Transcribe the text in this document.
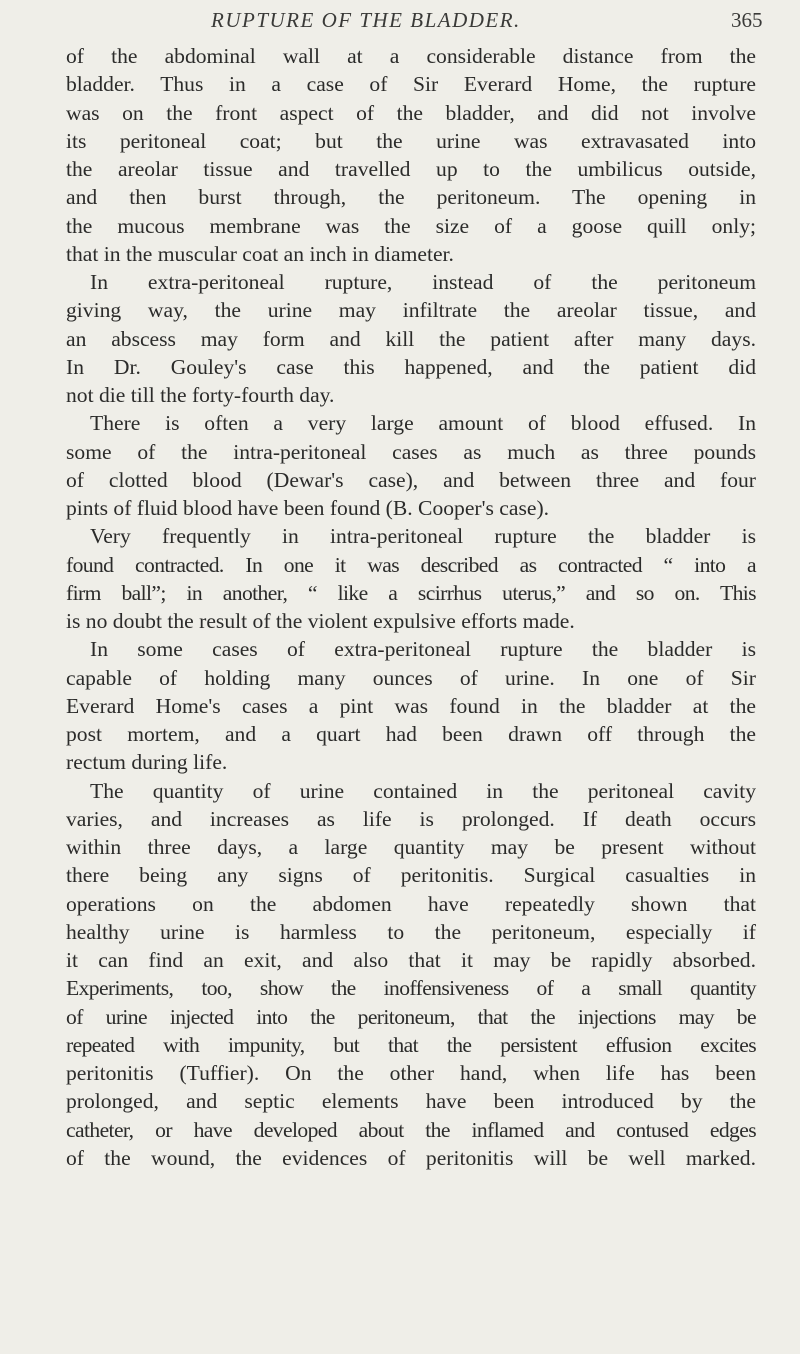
RUPTURE OF THE BLADDER.	365
of the abdominal wall at a considerable distance from the
bladder. Thus in a case of Sir Everard Home, the rupture
was on the front aspect of the bladder, and did not involve
its peritoneal coat; but the urine was extravasated into
the areolar tissue and travelled up to the umbilicus outside,
and then burst through, the peritoneum. The opening in
the mucous membrane was the size of a goose quill only;
that in the muscular coat an inch in diameter.
In extra-peritoneal rupture, instead of the peritoneum
giving way, the urine may infiltrate the areolar tissue, and
an abscess may form and kill the patient after many days.
In Dr. Gouley's case this happened, and the patient did
not die till the forty-fourth day.
There is often a very large amount of blood effused. In
some of the intra-peritoneal cases as much as three pounds
of clotted blood (Dewar's case), and between three and four
pints of fluid blood have been found (B. Cooper's case).
Very frequently in intra-peritoneal rupture the bladder is
found contracted. In one it was described as contracted “ into a
firm ball”; in another, “ like a scirrhus uterus,” and so on. This
is no doubt the result of the violent expulsive efforts made.
In some cases of extra-peritoneal rupture the bladder is
capable of holding many ounces of urine. In one of Sir
Everard Home's cases a pint was found in the bladder at the
post mortem, and a quart had been drawn off through the
rectum during life.
The quantity of urine contained in the peritoneal cavity
varies, and increases as life is prolonged. If death occurs
within three days, a large quantity may be present without
there being any signs of peritonitis. Surgical casualties in
operations on the abdomen have repeatedly shown that
healthy urine is harmless to the peritoneum, especially if
it can find an exit, and also that it may be rapidly absorbed.
Experiments, too, show the inoffensiveness of a small quantity
of urine injected into the peritoneum, that the injections may be
repeated with impunity, but that the persistent effusion excites
peritonitis (Tuffier). On the other hand, when life has been
prolonged, and septic elements have been introduced by the
catheter, or have developed about the inflamed and contused edges
of the wound, the evidences of peritonitis will be well marked.
